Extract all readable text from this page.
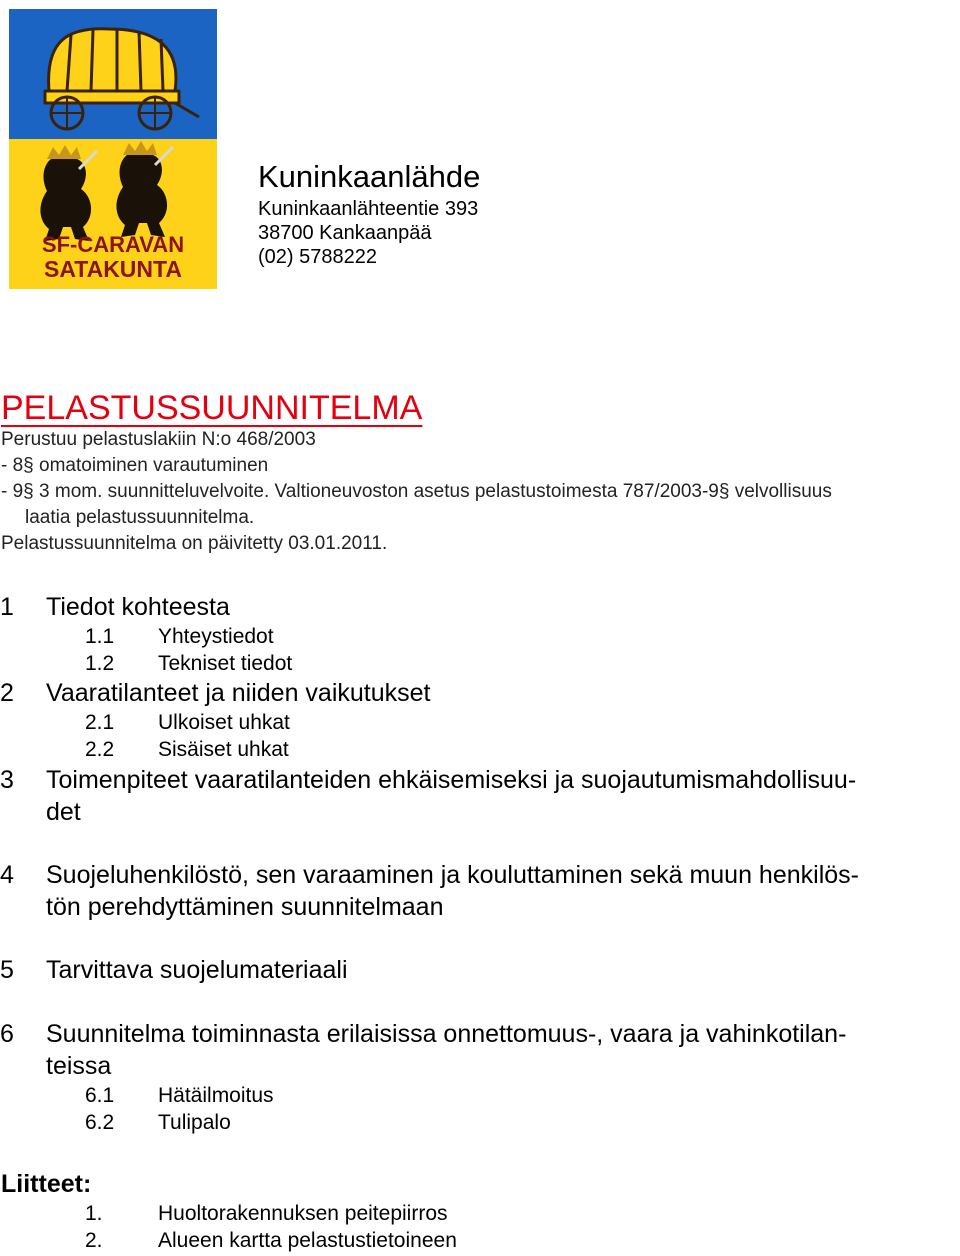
SF-CARAVAN
SATAKUNTA
Kuninkaanlähde
Kuninkaanlähteentie 393
38700 Kankaanpää
(02) 5788222
PELASTUSSUUNNITELMA
Perustuu pelastuslakiin N:o 468/2003
- 8§ omatoiminen varautuminen
- 9§ 3 mom. suunnitteluvelvoite. Valtioneuvoston asetus pelastustoimesta 787/2003-9§ velvollisuus
laatia pelastussuunnitelma.
Pelastussuunnitelma on päivitetty 03.01.2011.
1 Tiedot kohteesta
1.1 Yhteystiedot
1.2 Tekniset tiedot
2 Vaaratilanteet ja niiden vaikutukset
2.1 Ulkoiset uhkat
2.2 Sisäiset uhkat
3 Toimenpiteet vaaratilanteiden ehkäisemiseksi ja suojautumismahdollisuu-
det
4 Suojeluhenkilöstö, sen varaaminen ja kouluttaminen sekä muun henkilös-
tön perehdyttäminen suunnitelmaan
5 Tarvittava suojelumateriaali
6 Suunnitelma toiminnasta erilaisissa onnettomuus-, vaara ja vahinkotilan-
teissa
6.1 Hätäilmoitus
6.2 Tulipalo
Liitteet:
1.	Huoltorakennuksen peitepiirros
2.	Alueen kartta pelastustietoineen
